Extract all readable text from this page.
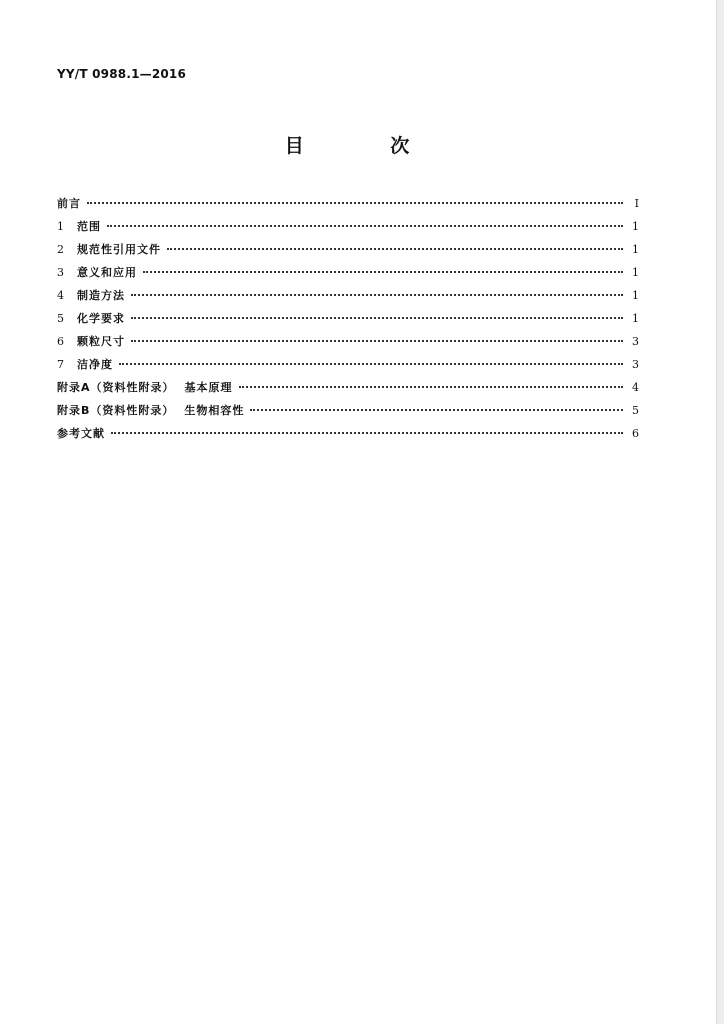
YY/T 0988.1—2016
目 次
前言	Ⅰ
1	范围	1
2	规范性引用文件	1
3	意义和应用	1
4	制造方法	1
5	化学要求	1
6	颗粒尺寸	3
7	洁净度	3
附录A（资料性附录） 基本原理	4
附录B（资料性附录） 生物相容性	5
参考文献	6
